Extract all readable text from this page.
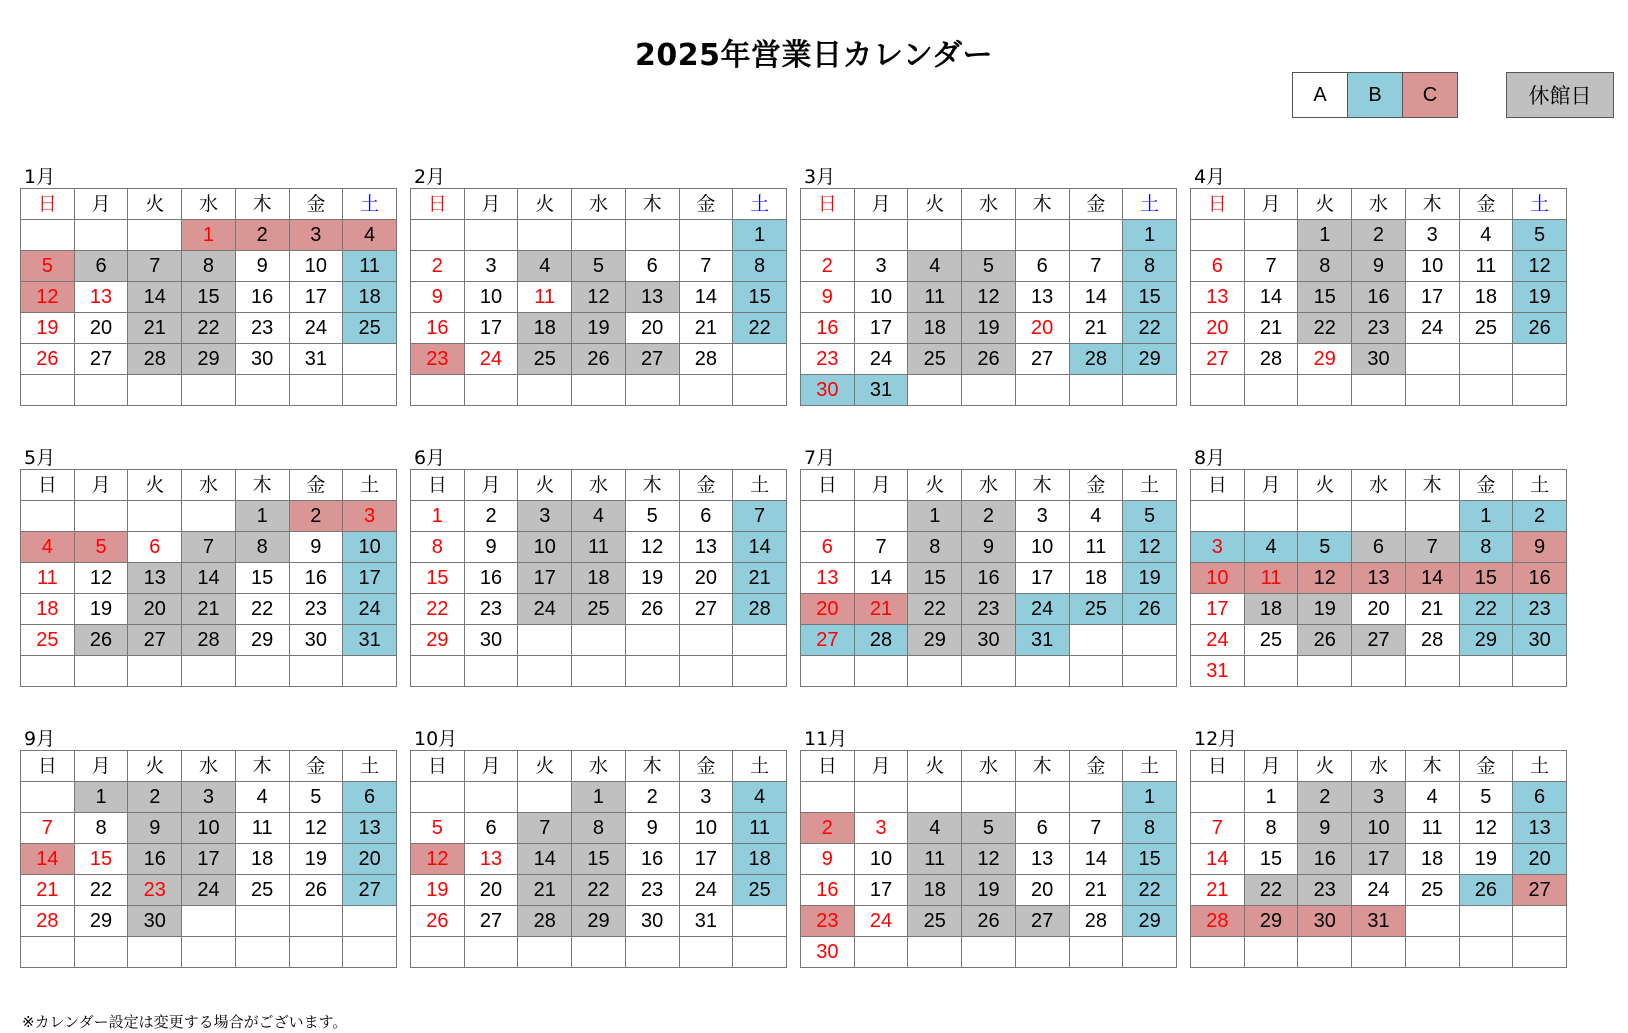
2025年営業日カレンダー
A	B	C	休館日
1月
日	月	火	水	木	金	土
			1	2	3	4
5	6	7	8	9	10	11
12	13	14	15	16	17	18
19	20	21	22	23	24	25
26	27	28	29	30	31	

2月
日	月	火	水	木	金	土
						1
2	3	4	5	6	7	8
9	10	11	12	13	14	15
16	17	18	19	20	21	22
23	24	25	26	27	28	

3月
日	月	火	水	木	金	土
						1
2	3	4	5	6	7	8
9	10	11	12	13	14	15
16	17	18	19	20	21	22
23	24	25	26	27	28	29
30	31					
4月
日	月	火	水	木	金	土
		1	2	3	4	5
6	7	8	9	10	11	12
13	14	15	16	17	18	19
20	21	22	23	24	25	26
27	28	29	30			

5月
日	月	火	水	木	金	土
				1	2	3
4	5	6	7	8	9	10
11	12	13	14	15	16	17
18	19	20	21	22	23	24
25	26	27	28	29	30	31

6月
日	月	火	水	木	金	土
1	2	3	4	5	6	7
8	9	10	11	12	13	14
15	16	17	18	19	20	21
22	23	24	25	26	27	28
29	30					

7月
日	月	火	水	木	金	土
		1	2	3	4	5
6	7	8	9	10	11	12
13	14	15	16	17	18	19
20	21	22	23	24	25	26
27	28	29	30	31		

8月
日	月	火	水	木	金	土
					1	2
3	4	5	6	7	8	9
10	11	12	13	14	15	16
17	18	19	20	21	22	23
24	25	26	27	28	29	30
31						
9月
日	月	火	水	木	金	土
	1	2	3	4	5	6
7	8	9	10	11	12	13
14	15	16	17	18	19	20
21	22	23	24	25	26	27
28	29	30				

10月
日	月	火	水	木	金	土
			1	2	3	4
5	6	7	8	9	10	11
12	13	14	15	16	17	18
19	20	21	22	23	24	25
26	27	28	29	30	31	

11月
日	月	火	水	木	金	土
						1
2	3	4	5	6	7	8
9	10	11	12	13	14	15
16	17	18	19	20	21	22
23	24	25	26	27	28	29
30						
12月
日	月	火	水	木	金	土
	1	2	3	4	5	6
7	8	9	10	11	12	13
14	15	16	17	18	19	20
21	22	23	24	25	26	27
28	29	30	31			

※カレンダー設定は変更する場合がございます。
